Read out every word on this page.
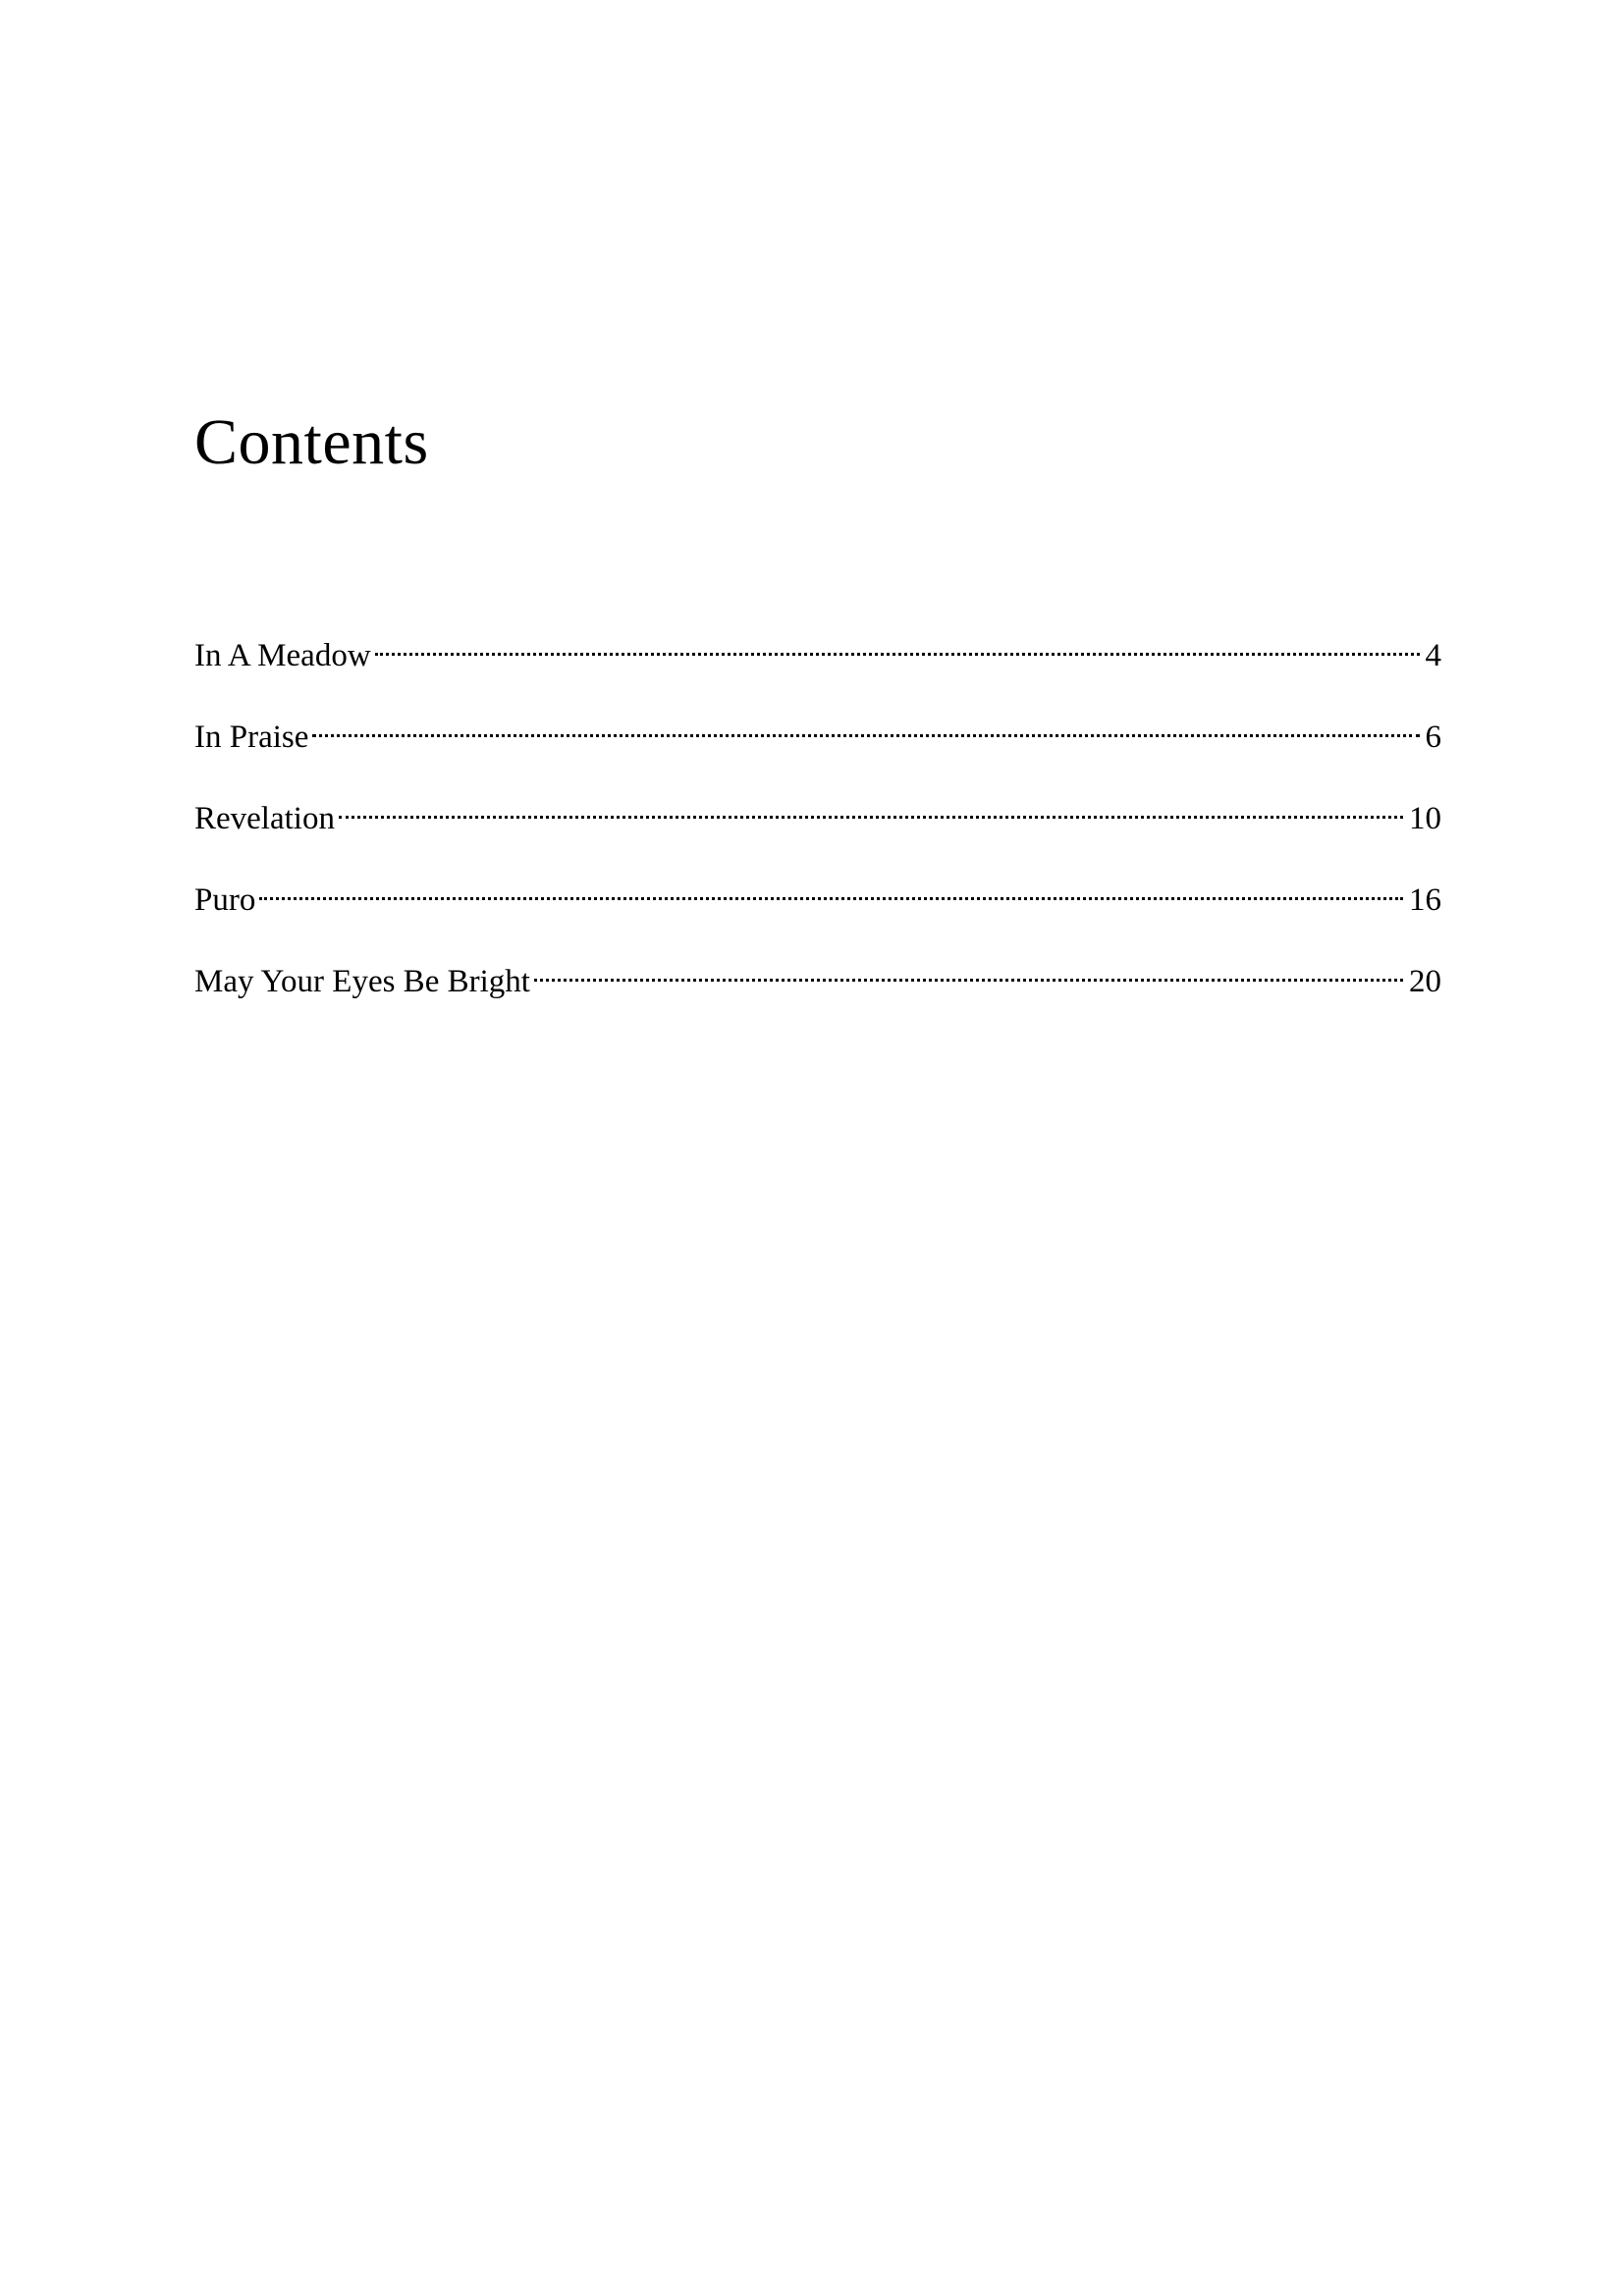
Contents
In A Meadow	4
In Praise	6
Revelation	10
Puro	16
May Your Eyes Be Bright	20
